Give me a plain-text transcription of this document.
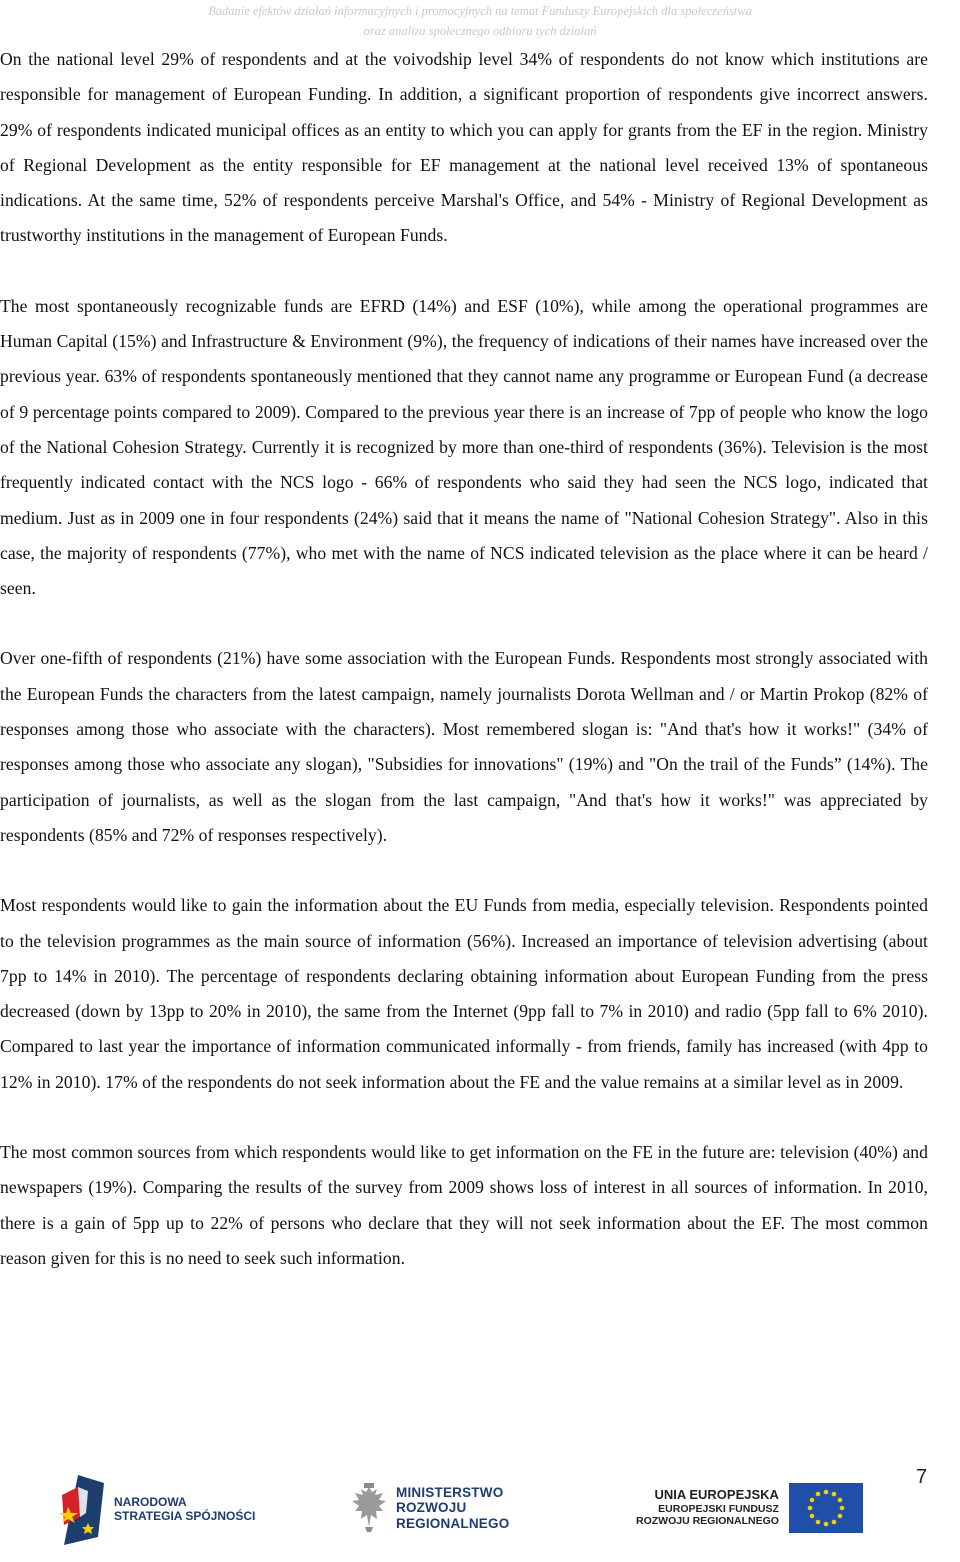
Badanie efektów działań informacyjnych i promocyjnych na temat Funduszy Europejskich dla społeczeństwa
oraz analiza społecznego odbioru tych działań

On the national level 29% of respondents and at the voivodship level 34% of respondents do not know which institutions are responsible for management of European Funding. In addition, a significant proportion of respondents give incorrect answers. 29% of respondents indicated municipal offices as an entity to which you can apply for grants from the EF in the region. Ministry of Regional Development as the entity responsible for EF management at the national level received 13% of spontaneous indications. At the same time, 52% of respondents perceive Marshal's Office, and 54% - Ministry of Regional Development as trustworthy institutions in the management of European Funds.

The most spontaneously recognizable funds are EFRD (14%) and ESF (10%), while among the operational programmes are Human Capital (15%) and Infrastructure & Environment (9%), the frequency of indications of their names have increased over the previous year. 63% of respondents spontaneously mentioned that they cannot name any programme or European Fund (a decrease of 9 percentage points compared to 2009). Compared to the previous year there is an increase of 7pp of people who know the logo of the National Cohesion Strategy. Currently it is recognized by more than one-third of respondents (36%). Television is the most frequently indicated contact with the NCS logo - 66% of respondents who said they had seen the NCS logo, indicated that medium. Just as in 2009 one in four respondents (24%) said that it means the name of "National Cohesion Strategy". Also in this case, the majority of respondents (77%), who met with the name of NCS indicated television as the place where it can be heard / seen.

Over one-fifth of respondents (21%) have some association with the European Funds. Respondents most strongly associated with the European Funds the characters from the latest campaign, namely journalists Dorota Wellman and / or Martin Prokop (82% of responses among those who associate with the characters). Most remembered slogan is: "And that's how it works!" (34% of responses among those who associate any slogan), "Subsidies for innovations" (19%) and "On the trail of the Funds” (14%). The participation of journalists, as well as the slogan from the last campaign, "And that's how it works!" was appreciated by respondents (85% and 72% of responses respectively).

Most respondents would like to gain the information about the EU Funds from media, especially television. Respondents pointed to the television programmes as the main source of information (56%). Increased an importance of television advertising (about 7pp to 14% in 2010). The percentage of respondents declaring obtaining information about European Funding from the press decreased (down by 13pp to 20% in 2010), the same from the Internet (9pp fall to 7% in 2010) and radio (5pp fall to 6% 2010). Compared to last year the importance of information communicated informally - from friends, family has increased (with 4pp to 12% in 2010). 17% of the respondents do not seek information about the FE and the value remains at a similar level as in 2009.

The most common sources from which respondents would like to get information on the FE in the future are: television (40%) and newspapers (19%). Comparing the results of the survey from 2009 shows loss of interest in all sources of information. In 2010, there is a gain of 5pp up to 22% of persons who declare that they will not seek information about the EF. The most common reason given for this is no need to seek such information.

7
NARODOWA
STRATEGIA SPÓJNOŚCI
MINISTERSTWO
ROZWOJU
REGIONALNEGO
UNIA EUROPEJSKA
EUROPEJSKI FUNDUSZ
ROZWOJU REGIONALNEGO
